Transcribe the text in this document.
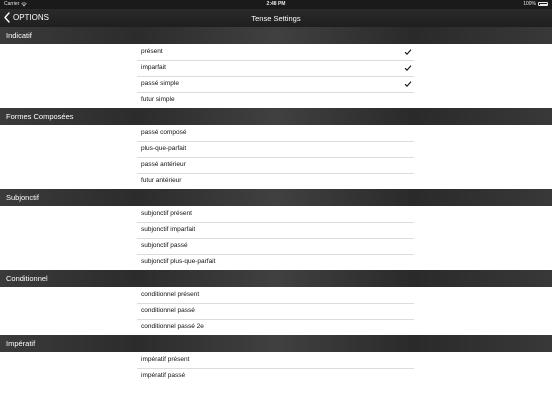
Carrier	2:48 PM	100%
OPTIONS	Tense Settings
Indicatif
présent
imparfait
passé simple
futur simple
Formes Composées
passé composé
plus-que-parfait
passé antérieur
futur antérieur
Subjonctif
subjonctif présent
subjonctif imparfait
subjonctif passé
subjonctif plus-que-parfait
Conditionnel
conditionnel présent
conditionnel passé
conditionnel passé 2e
Impératif
impératif présent
impératif passé
